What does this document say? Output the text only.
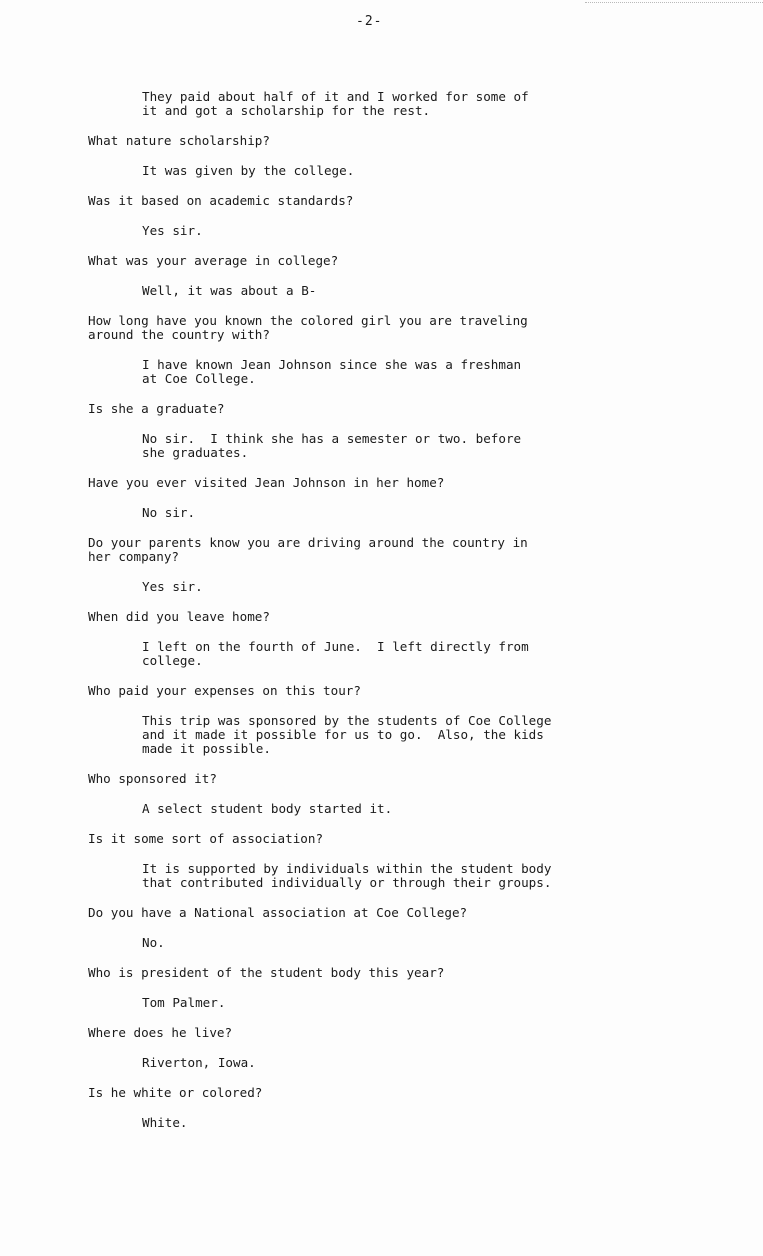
-2-

They paid about half of it and I worked for some of
it and got a scholarship for the rest.

What nature scholarship?

It was given by the college.

Was it based on academic standards?

Yes sir.

What was your average in college?

Well, it was about a B-

How long have you known the colored girl you are traveling
around the country with?

I have known Jean Johnson since she was a freshman
at Coe College.

Is she a graduate?

No sir.  I think she has a semester or two. before
she graduates.

Have you ever visited Jean Johnson in her home?

No sir.

Do your parents know you are driving around the country in
her company?

Yes sir.

When did you leave home?

I left on the fourth of June.  I left directly from
college.

Who paid your expenses on this tour?

This trip was sponsored by the students of Coe College
and it made it possible for us to go.  Also, the kids
made it possible.

Who sponsored it?

A select student body started it.

Is it some sort of association?

It is supported by individuals within the student body
that contributed individually or through their groups.

Do you have a National association at Coe College?

No.

Who is president of the student body this year?

Tom Palmer.

Where does he live?

Riverton, Iowa.

Is he white or colored?

White.
